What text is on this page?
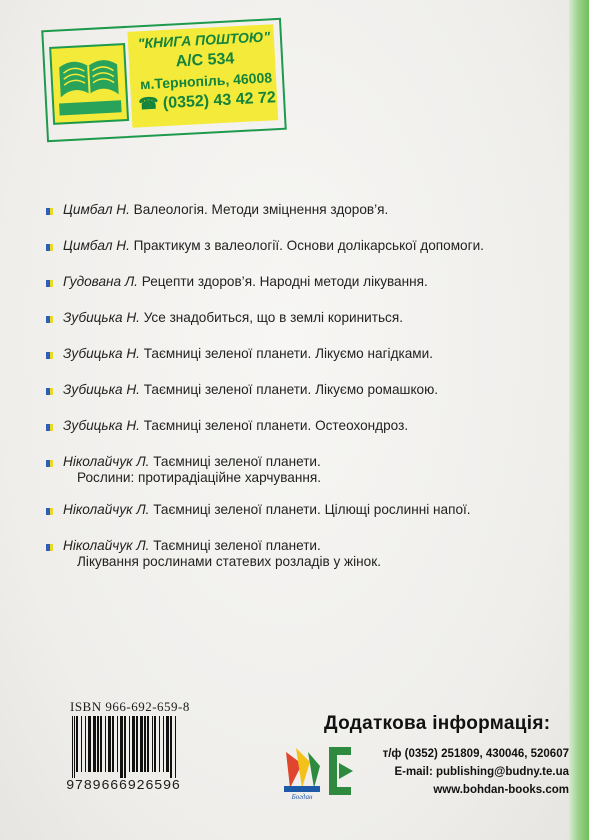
"КНИГА ПОШТОЮ"
А/С 534
м.Тернопіль, 46008
☎ (0352) 43 42 72
Цимбал Н. Валеологія. Методи зміцнення здоров’я.
Цимбал Н. Практикум з валеології. Основи долікарської допомоги.
Гудована Л. Рецепти здоров’я. Народні методи лікування.
Зубицька Н. Усе знадобиться, що в землі кориниться.
Зубицька Н. Таємниці зеленої планети. Лікуємо нагідками.
Зубицька Н. Таємниці зеленої планети. Лікуємо ромашкою.
Зубицька Н. Таємниці зеленої планети. Остеохондроз.
Ніколайчук Л. Таємниці зеленої планети.
Рослини: протирадіаційне харчування.
Ніколайчук Л. Таємниці зеленої планети. Цілющі рослинні напої.
Ніколайчук Л. Таємниці зеленої планети.
Лікування рослинами статевих розладів у жінок.
ISBN 966-692-659-8
9789666926596
Додаткова інформація:
Богдан
т/ф (0352) 251809, 430046, 520607
E-mail: publishing@budny.te.ua
www.bohdan-books.com
